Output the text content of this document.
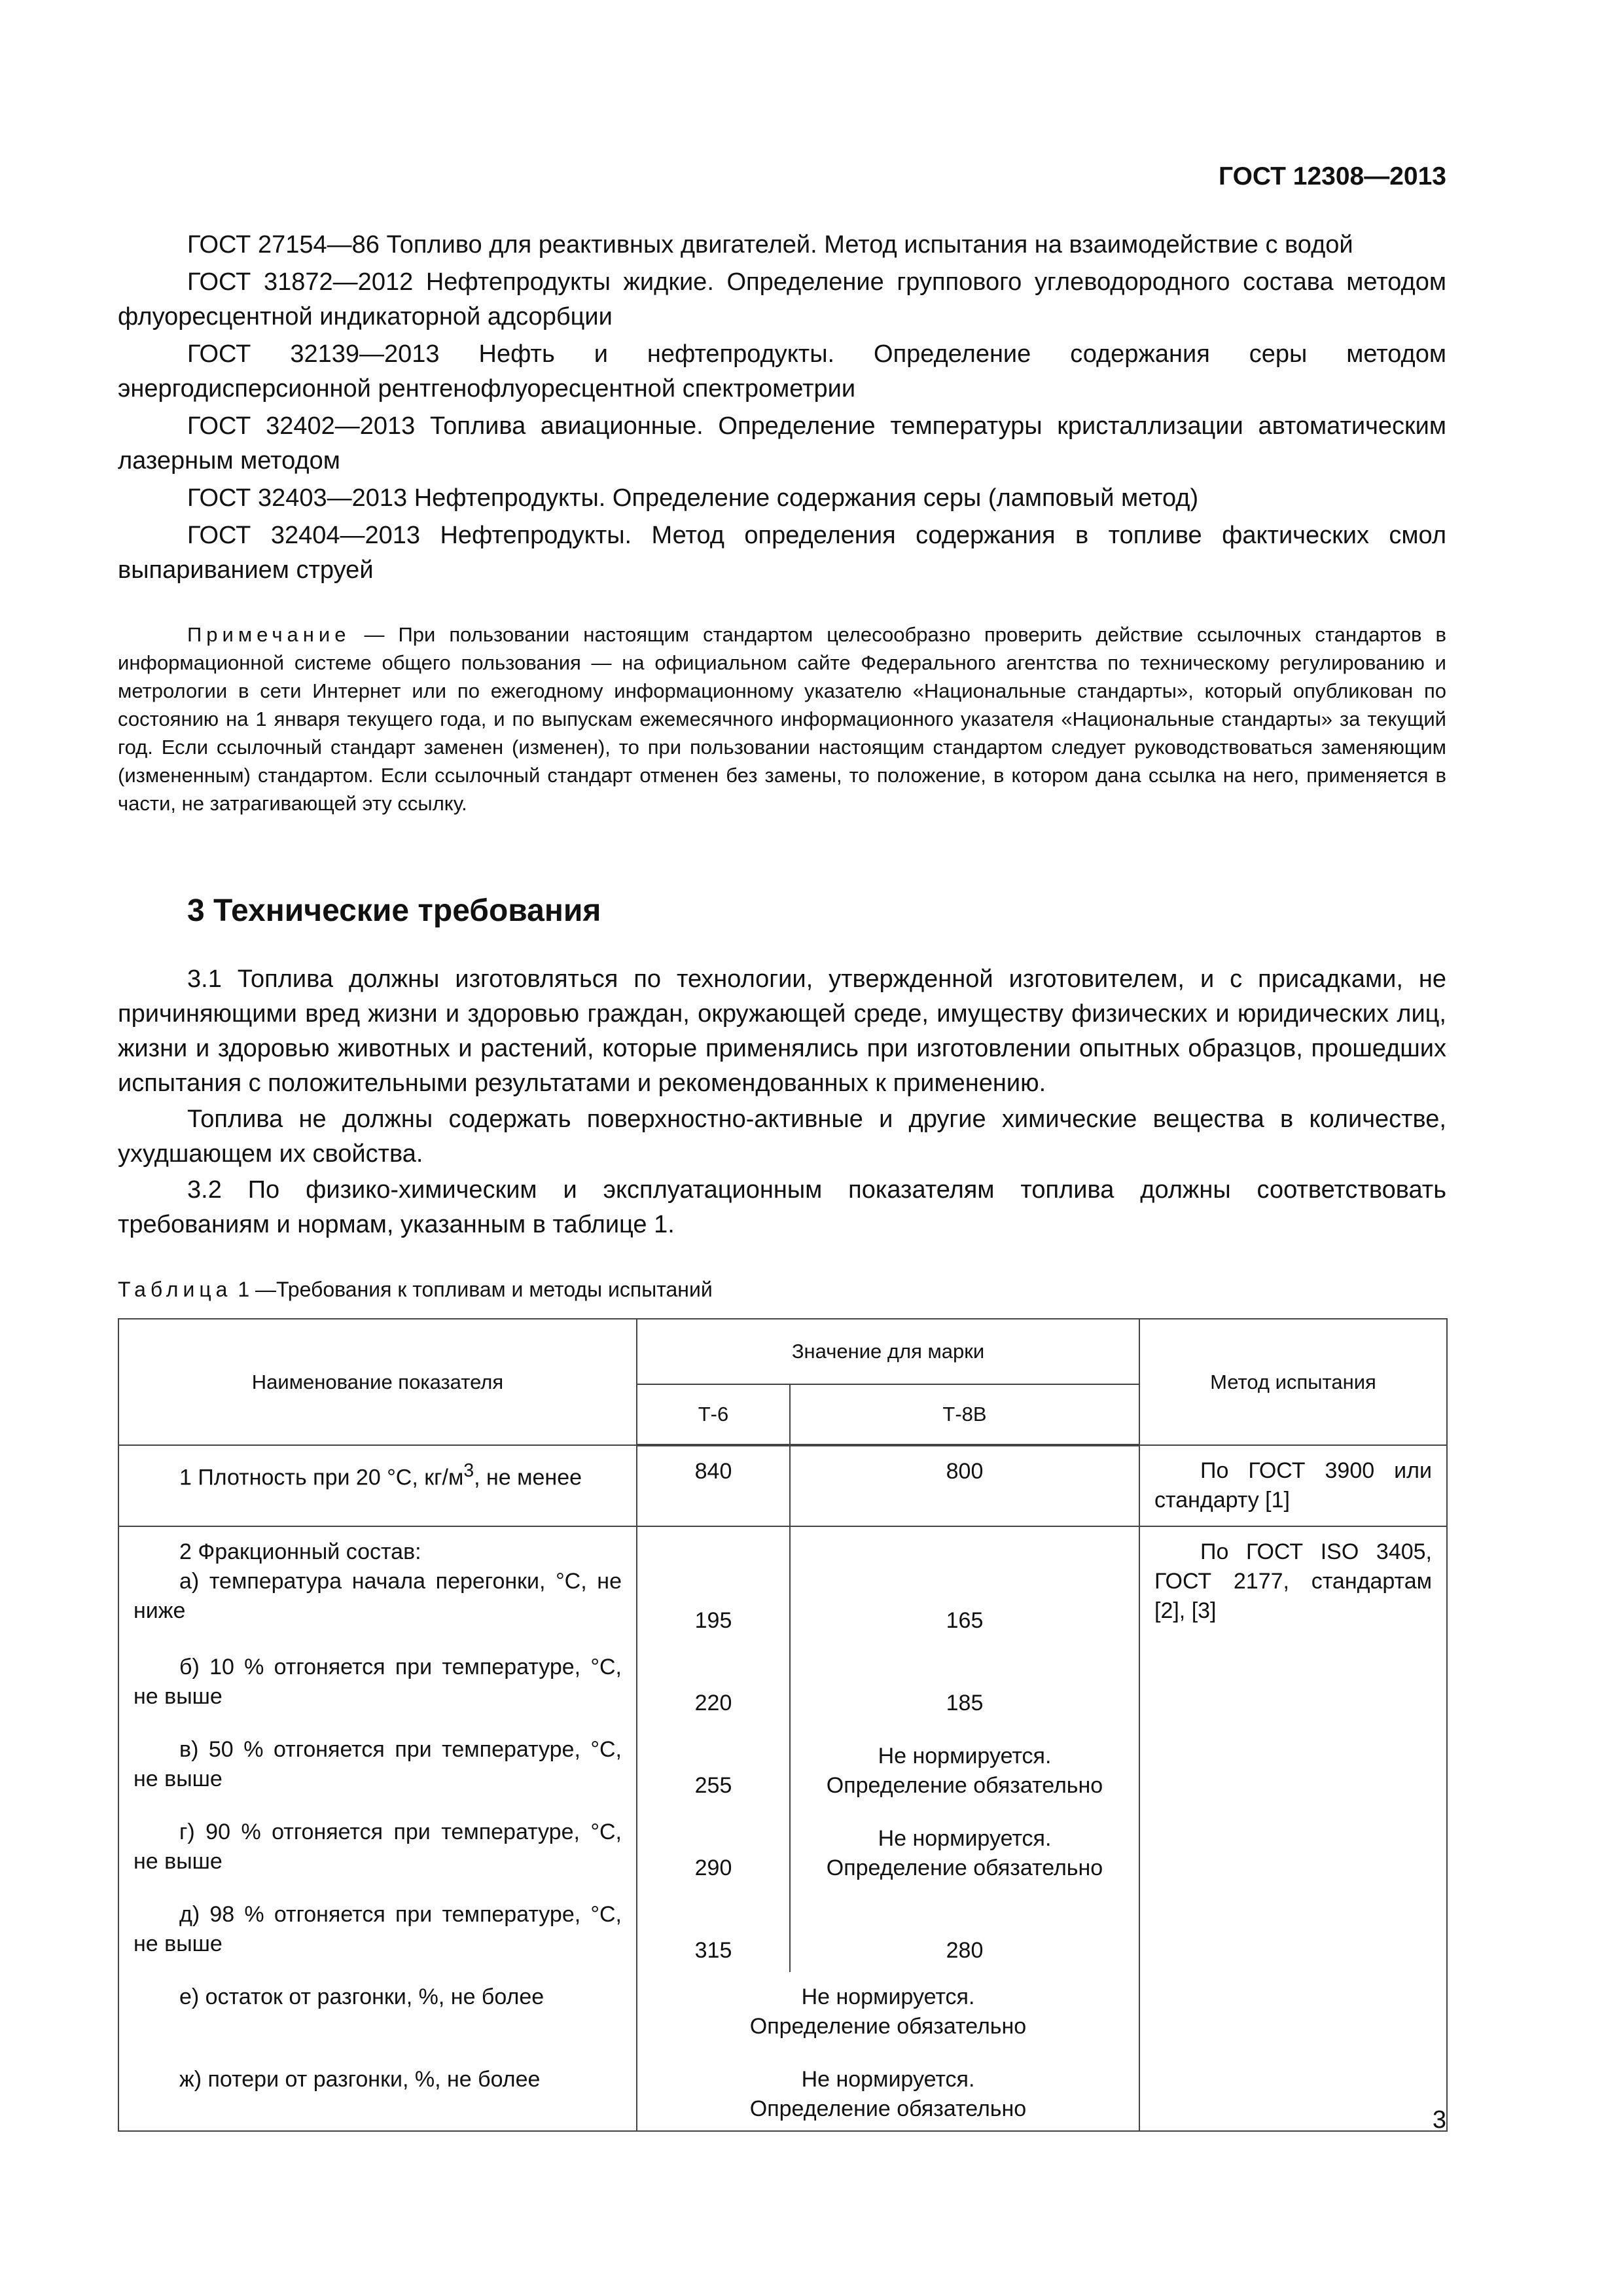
ГОСТ 12308—2013

ГОСТ 27154—86 Топливо для реактивных двигателей. Метод испытания на взаимодействие с водой

ГОСТ 31872—2012 Нефтепродукты жидкие. Определение группового углеводородного состава методом флуоресцентной индикаторной адсорбции

ГОСТ 32139—2013 Нефть и нефтепродукты. Определение содержания серы методом энергодисперсионной рентгенофлуоресцентной спектрометрии

ГОСТ 32402—2013 Топлива авиационные. Определение температуры кристаллизации автоматическим лазерным методом

ГОСТ 32403—2013 Нефтепродукты. Определение содержания серы (ламповый метод)

ГОСТ 32404—2013 Нефтепродукты. Метод определения содержания в топливе фактических смол выпариванием струей

Примечание — При пользовании настоящим стандартом целесообразно проверить действие ссылочных стандартов в информационной системе общего пользования — на официальном сайте Федерального агентства по техническому регулированию и метрологии в сети Интернет или по ежегодному информационному указателю «Национальные стандарты», который опубликован по состоянию на 1 января текущего года, и по выпускам ежемесячного информационного указателя «Национальные стандарты» за текущий год. Если ссылочный стандарт заменен (изменен), то при пользовании настоящим стандартом следует руководствоваться заменяющим (измененным) стандартом. Если ссылочный стандарт отменен без замены, то положение, в котором дана ссылка на него, применяется в части, не затрагивающей эту ссылку.

3 Технические требования

3.1 Топлива должны изготовляться по технологии, утвержденной изготовителем, и с присадками, не причиняющими вред жизни и здоровью граждан, окружающей среде, имуществу физических и юридических лиц, жизни и здоровью животных и растений, которые применялись при изготовлении опытных образцов, прошедших испытания с положительными результатами и рекомендованных к применению.

Топлива не должны содержать поверхностно-активные и другие химические вещества в количестве, ухудшающем их свойства.

3.2 По физико-химическим и эксплуатационным показателям топлива должны соответствовать требованиям и нормам, указанным в таблице 1.

Таблица 1 —Требования к топливам и методы испытаний
Наименование показателя	Значение для марки		Метод испытания
	Т-6	Т-8В	
1 Плотность при 20 °С, $кг/м^3$, не менее	840	800	По ГОСТ 3900 или стандарту [1]
2 Фракционный состав:
а) температура начала перегонки, °С, не ниже	195	165	По ГОСТ ISO 3405, ГОСТ 2177, стандартам [2], [3]
б) 10 % отгоняется при температуре, °С, не выше	220	185	
в) 50 % отгоняется при температуре, °С, не выше	255	Не нормируется.
Определение обязательно	
г) 90 % отгоняется при температуре, °С, не выше	290	Не нормируется.
Определение обязательно	
д) 98 % отгоняется при температуре, °С, не выше	315	280	
е) остаток от разгонки, %, не более	Не нормируется.
Определение обязательно		
ж) потери от разгонки, %, не более	Не нормируется.
Определение обязательно			3
